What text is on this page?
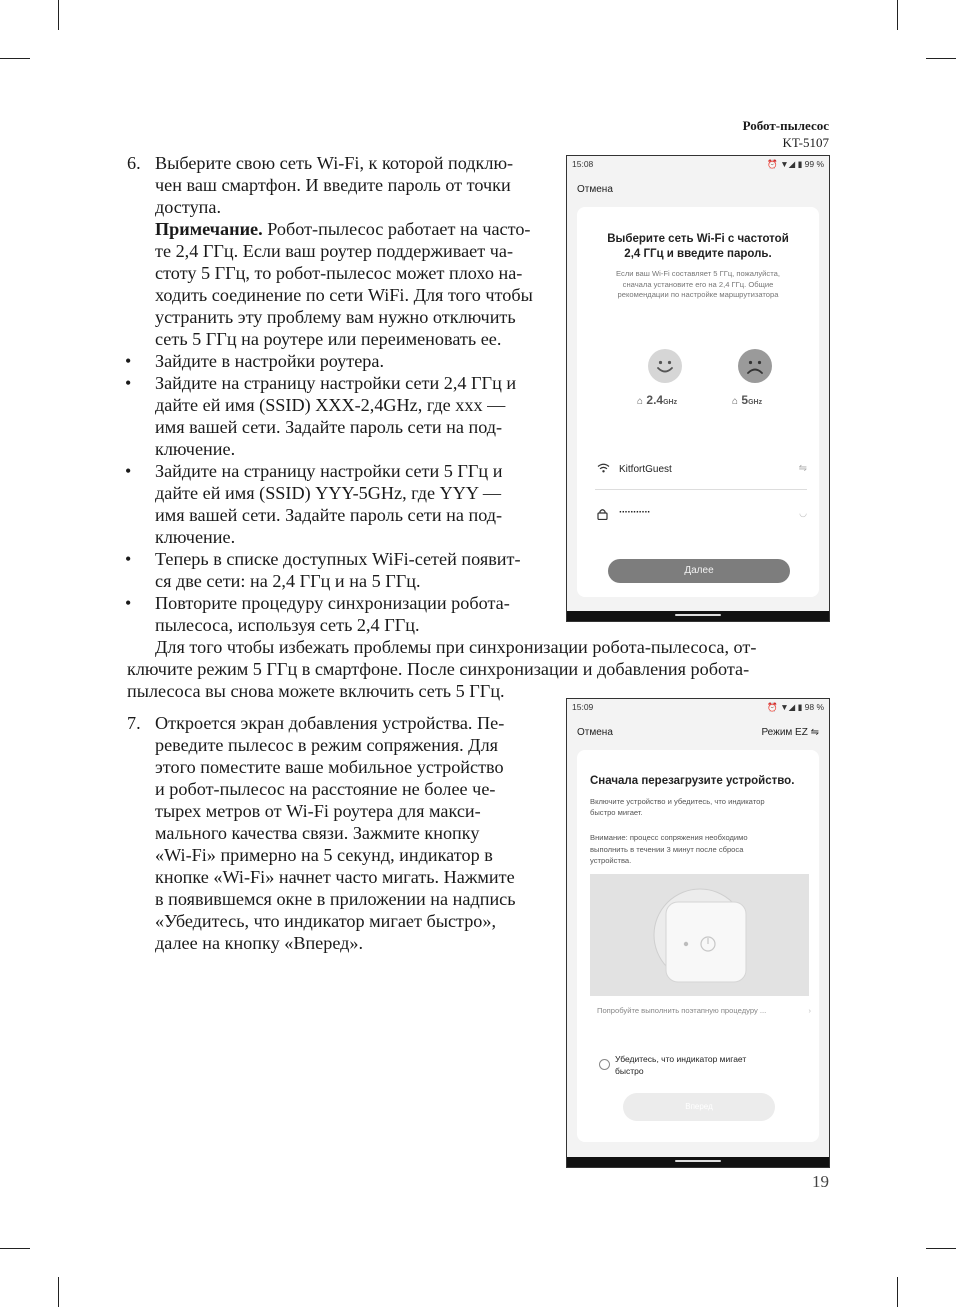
Робот-пылесос
KT-5107
6. Выберите свою сеть Wi-Fi, к которой подклю-
чен ваш смартфон. И введите пароль от точки
доступа.
Примечание. Робот-пылесос работает на часто-
те 2,4 ГГц. Если ваш роутер поддерживает ча-
стоту 5 ГГц, то робот-пылесос может плохо на-
ходить соединение по сети WiFi. Для того чтобы
устранить эту проблему вам нужно отключить
сеть 5 ГГц на роутере или переименовать ее.
• Зайдите в настройки роутера.
• Зайдите на страницу настройки сети 2,4 ГГц и
дайте ей имя (SSID) XXX-2,4GHz, где xxx —
имя вашей сети. Задайте пароль сети на под-
ключение.
• Зайдите на страницу настройки сети 5 ГГц и
дайте ей имя (SSID) YYY-5GHz, где YYY —
имя вашей сети. Задайте пароль сети на под-
ключение.
• Теперь в списке доступных WiFi-сетей появит-
ся две сети: на 2,4 ГГц и на 5 ГГц.
• Повторите процедуру синхронизации робота-
пылесоса, используя сеть 2,4 ГГц.
Для того чтобы избежать проблемы при синхронизации робота-пылесоса, от-
ключите режим 5 ГГц в смартфоне. После синхронизации и добавления робота-
пылесоса вы снова можете включить сеть 5 ГГц.
7. Откроется экран добавления устройства. Пе-
реведите пылесос в режим сопряжения. Для
этого поместите ваше мобильное устройство
и робот-пылесос на расстояние не более че-
тырех метров от Wi-Fi роутера для макси-
мального качества связи. Зажмите кнопку
«Wi-Fi» примерно на 5 секунд, индикатор в
кнопке «Wi-Fi» начнет часто мигать. Нажмите
в появившемся окне в приложении на надпись
«Убедитесь, что индикатор мигает быстро»,
далее на кнопку «Вперед».
15:08	⏰ ▼◢ ▮ 99 %
Отмена
Выберите сеть Wi-Fi с частотой
2,4 ГГц и введите пароль.
Если ваш Wi-Fi составляет 5 ГГц, пожалуйста,
сначала установите его на 2,4 ГГц. Общие
рекомендации по настройке маршрутизатора
⌂ 2.4GHz	⌂ 5GHz
KitfortGuest	⇋
···········	◡
Далее
15:09	⏰ ▼◢ ▮ 98 %
Отмена	Режим EZ ⇋
Сначала перезагрузите устройство.
Включите устройство и убедитесь, что индикатор
быстро мигает.
Внимание: процесс сопряжения необходимо
выполнить в течении 3 минут после сброса
устройства.
Попробуйте выполнить поэтапную процедуру ...	›
Убедитесь, что индикатор мигает
быстро
Вперед
19
